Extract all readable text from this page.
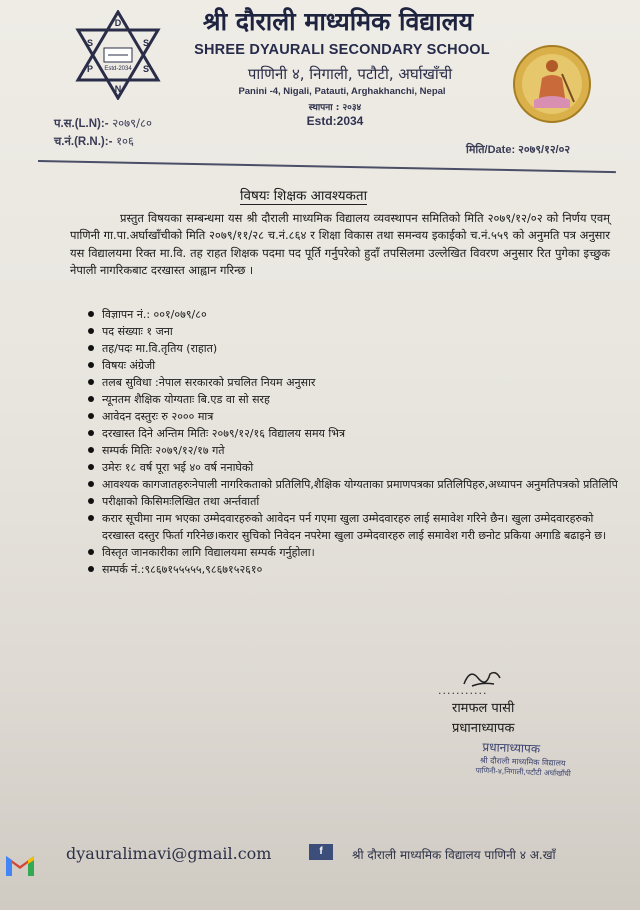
D
S	S
P
N
S
Estd-2034
श्री दौराली माध्यमिक विद्यालय
SHREE DYAURALI SECONDARY SCHOOL
पाणिनी ४, निगाली, पटौटी, अर्घाखाँची
Panini -4, Nigali, Patauti, Arghakhanchi, Nepal
स्थापना : २०३४
Estd:2034
प.स.(L.N):- २०७९/८०
च.नं.(R.N.):- १०६
मिति/Date: २०७९/१२/०२
विषयः शिक्षक आवश्यकता
प्रस्तुत विषयका सम्बन्धमा यस श्री दौराली माध्यमिक विद्यालय व्यवस्थापन समितिको मिति २०७९/१२/०२ को निर्णय एवम् पाणिनी गा.पा.अर्घाखाँचीको मिति २०७९/११/२८ च.नं.८६४ र शिक्षा विकास तथा समन्वय इकाईको च.नं.५५९ को अनुमति पत्र अनुसार यस विद्यालयमा रिक्त मा.वि. तह राहत शिक्षक पदमा पद पूर्ति गर्नुपरेको हुदाँ तपसिलमा उल्लेखित विवरण अनुसार रित पुगेका इच्छुक नेपाली नागरिकबाट दरखास्त आह्वान गरिन्छ ।
विज्ञापन नं.: ००१/०७९/८०
पद संख्याः १ जना
तह/पदः मा.वि.तृतिय (राहात)
विषयः अंग्रेजी
तलब सुविधा :नेपाल सरकारको प्रचलित नियम अनुसार
न्यूनतम शैक्षिक योग्यताः बि.एड वा सो सरह
आवेदन दस्तुरः रु २००० मात्र
दरखास्त दिने अन्तिम मितिः २०७९/१२/१६ विद्यालय समय भित्र
सम्पर्क मितिः २०७९/१२/१७ गते
उमेरः १८ वर्ष पूरा भई ४० वर्ष ननाघेको
आवश्यक कागजातहरुःनेपाली नागरिकताको प्रतिलिपि,शैक्षिक योग्यताका प्रमाणपत्रका प्रतिलिपिहरु,अध्यापन अनुमतिपत्रको प्रतिलिपि
परीक्षाको किसिमःलिखित तथा अर्न्तवार्ता
करार सूचीमा नाम भएका उम्मेदवारहरुको आवेदन पर्न गएमा खुला उम्मेदवारहरु लाई समावेश गरिने छैन। खुला उम्मेदवारहरुको दरखास्त दस्तुर फिर्ता गरिनेछ।करार सुचिको निवेदन नपरेमा खुला उम्मेदवारहरु लाई समावेश गरी छनोट प्रकिया अगाडि बढाइने छ।
विस्तृत जानकारीका लागि विद्यालयमा सम्पर्क गर्नुहोला।
सम्पर्क नं.:९८६७१५५५५५,९८६७१५२६१०
...........
रामफल पासी
प्रधानाध्यापक
प्रधानाध्यापक
श्री दौराली माध्यमिक विद्यालय
पाणिनी-४,निगाली,पटौटी अर्घाखाँची
dyauralimavi@gmail.com	f	श्री दौराली माध्यमिक विद्यालय पाणिनी ४ अ.खाँ
